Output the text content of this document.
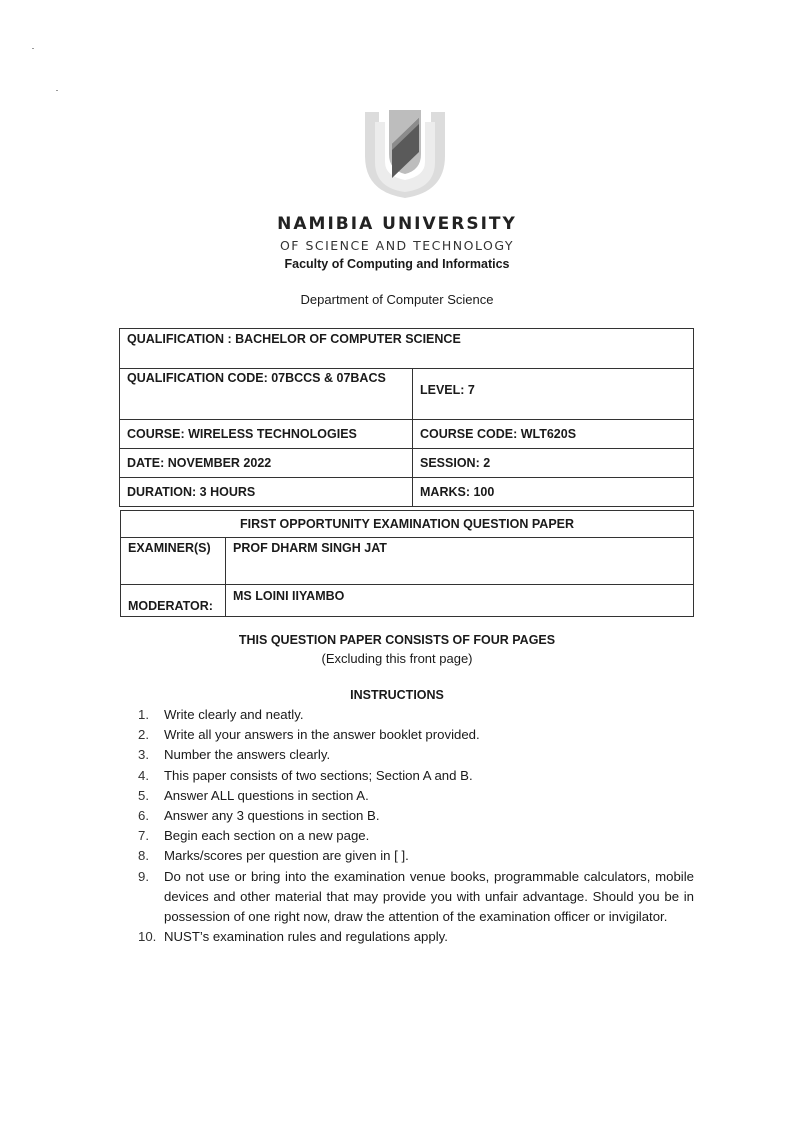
NAMIBIA UNIVERSITY
OF SCIENCE AND TECHNOLOGY
Faculty of Computing and Informatics
Department of Computer Science
QUALIFICATION : BACHELOR OF COMPUTER SCIENCE	
QUALIFICATION CODE: 07BCCS & 07BACS	LEVEL: 7
COURSE: WIRELESS TECHNOLOGIES	COURSE CODE: WLT620S
DATE: NOVEMBER 2022	SESSION: 2
DURATION: 3 HOURS	MARKS: 100
FIRST OPPORTUNITY EXAMINATION QUESTION PAPER	
EXAMINER(S)	PROF DHARM SINGH JAT
MODERATOR:	MS LOINI IIYAMBO
THIS QUESTION PAPER CONSISTS OF FOUR PAGES
(Excluding this front page)
INSTRUCTIONS
1.	Write clearly and neatly.
2.	Write all your answers in the answer booklet provided.
3.	Number the answers clearly.
4.	This paper consists of two sections; Section A and B.
5.	Answer ALL questions in section A.
6.	Answer any 3 questions in section B.
7.	Begin each section on a new page.
8.	Marks/scores per question are given in [ ].
9.	Do not use or bring into the examination venue books, programmable calculators, mobile devices and other material that may provide you with unfair advantage. Should you be in possession of one right now, draw the attention of the examination officer or invigilator.
10. NUST’s examination rules and regulations apply.
